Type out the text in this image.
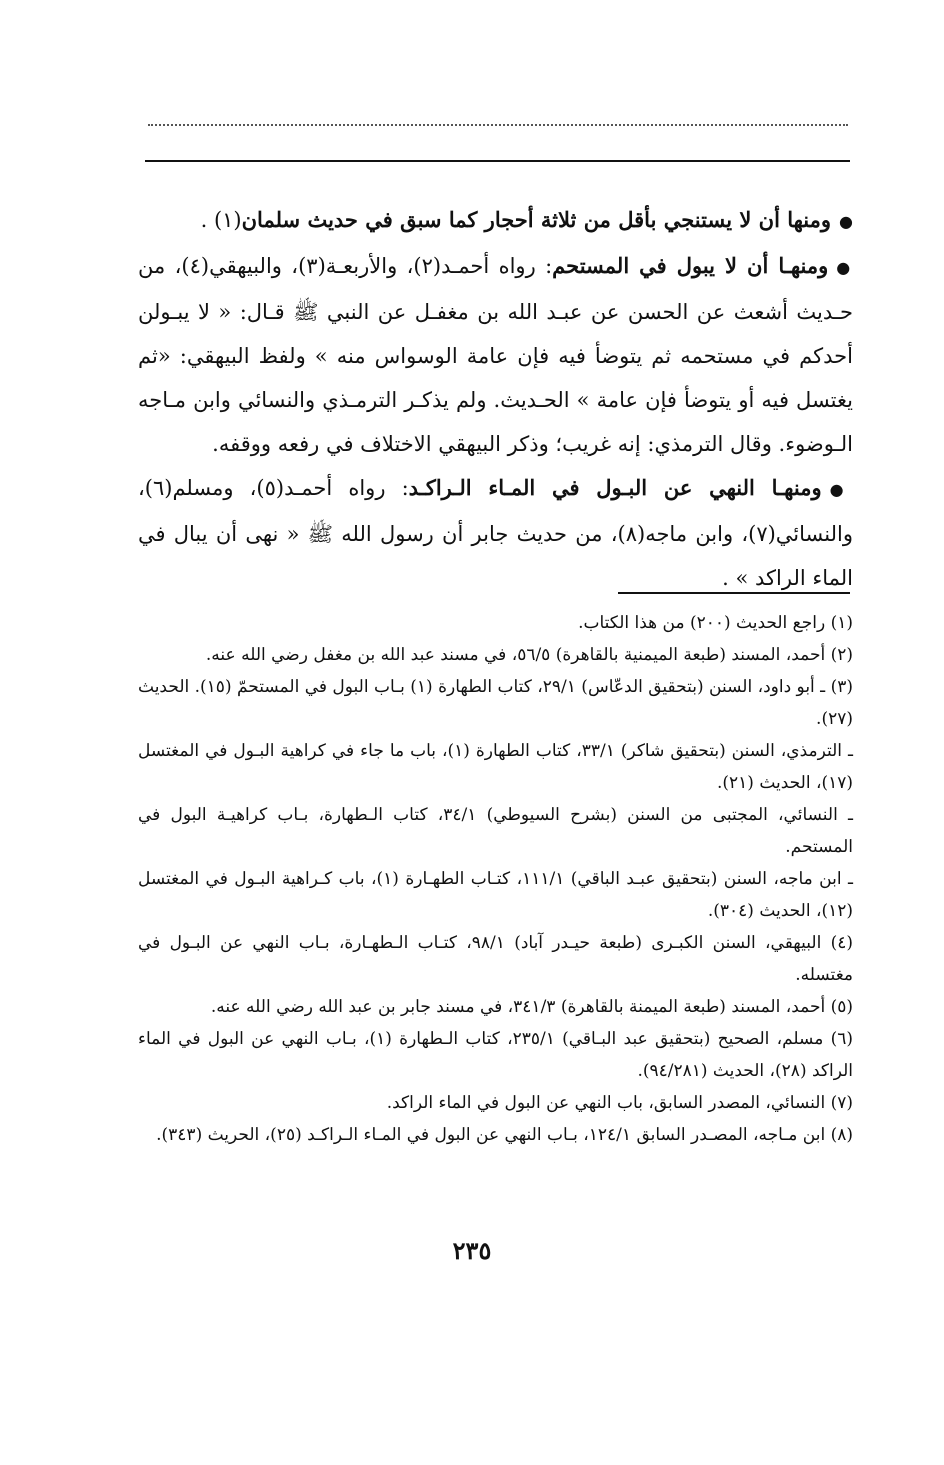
●ومنها أن لا يستنجي بأقل من ثلاثة أحجار كما سبق في حديث سلمان(١) .

●ومنهـا أن لا يبول في المستحم: رواه أحمـد(٢)، والأربعـة(٣)، والبيهقي(٤)، من حـديث أشعث عن الحسن عن عبـد الله بن مغفـل عن النبي ﷺ قـال: « لا يبـولن أحدكم في مستحمه ثم يتوضأ فيه فإن عامة الوسواس منه » ولفظ البيهقي: «ثم يغتسل فيه أو يتوضأ فإن عامة » الحـديث. ولم يذكـر الترمـذي والنسائي وابن مـاجه الـوضوء. وقال الترمذي: إنه غريب؛ وذكر البيهقي الاختلاف في رفعه ووقفه.

●ومنهـا النهي عن البـول في المـاء الـراكـد: رواه أحمـد(٥)، ومسلم(٦)، والنسائي(٧)، وابن ماجه(٨)، من حديث جابر أن رسول الله ﷺ « نهى أن يبال في الماء الراكد » .

(١) راجع الحديث (٢٠٠) من هذا الكتاب.

(٢) أحمد، المسند (طبعة الميمنية بالقاهرة) ٥٦/٥، في مسند عبد الله بن مغفل رضي الله عنه.

(٣) ـ أبو داود، السنن (بتحقيق الدعّاس) ٢٩/١، كتاب الطهارة (١) بـاب البول في المستحمّ (١٥). الحديث (٢٧).

ـ الترمذي، السنن (بتحقيق شاكر) ٣٣/١، كتاب الطهارة (١)، باب ما جاء في كراهية البـول في المغتسل (١٧)، الحديث (٢١).

ـ النسائي، المجتبى من السنن (بشرح السيوطي) ٣٤/١، كتاب الـطهارة، بـاب كراهيـة البول في المستحم.

ـ ابن ماجه، السنن (بتحقيق عبـد الباقي) ١١١/١، كتـاب الطهـارة (١)، باب كـراهية البـول في المغتسل (١٢)، الحديث (٣٠٤).

(٤) البيهقي، السنن الكبـرى (طبعة حيـدر آباد) ٩٨/١، كتـاب الـطهـارة، بـاب النهي عن البـول في مغتسله.

(٥) أحمد، المسند (طبعة الميمنة بالقاهرة) ٣٤١/٣، في مسند جابر بن عبد الله رضي الله عنه.

(٦) مسلم، الصحيح (بتحقيق عبد البـاقي) ٢٣٥/١، كتاب الـطهارة (١)، بـاب النهي عن البول في الماء الراكد (٢٨)، الحديث (٩٤/٢٨١).

(٧) النسائي، المصدر السابق، باب النهي عن البول في الماء الراكد.

(٨) ابن مـاجه، المصـدر السابق ١٢٤/١، بـاب النهي عن البول في المـاء الـراكـد (٢٥)، الحريث (٣٤٣).

٢٣٥
